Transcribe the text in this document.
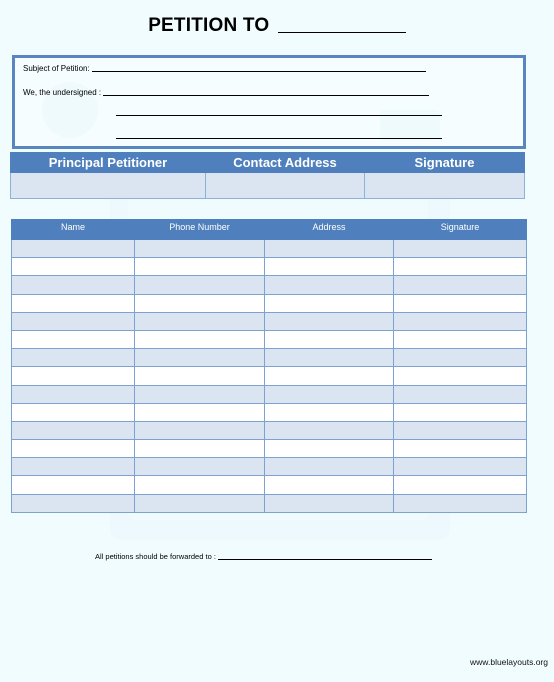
PETITION TO
Subject of Petition:
We, the undersigned :
Principal Petitioner	Contact Address	Signature

Name	Phone Number	Address	Signature

All petitions should be forwarded to :
www.bluelayouts.org
